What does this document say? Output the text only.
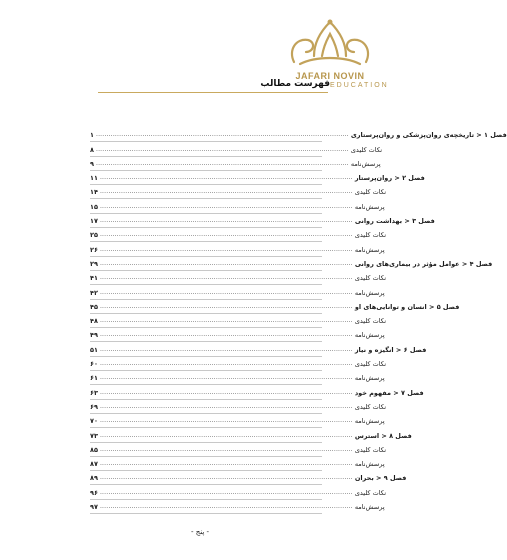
JAFARI NOVIN
EDUCATION
فهرست مطالب
۱ ........................................................................................................................ فصل ۱ < تاریخچه‌ی روان‌پزشکی و روان‌پرستاری
۸ ........................................................................................................................ نکات کلیدی
۹ ........................................................................................................................ پرسش‌نامه
۱۱ ........................................................................................................................ فصل ۲ < روان‌پرستار
۱۴ ........................................................................................................................ نکات کلیدی
۱۵ ........................................................................................................................ پرسش‌نامه
۱۷ ........................................................................................................................ فصل ۳ < بهداشت روانی
۲۵ ........................................................................................................................ نکات کلیدی
۲۶ ........................................................................................................................ پرسش‌نامه
۲۹ ........................................................................................................................ فصل ۴ < عوامل مؤثر در بیماری‌های روانی
۴۱ ........................................................................................................................ نکات کلیدی
۴۲ ........................................................................................................................ پرسش‌نامه
۴۵ ........................................................................................................................ فصل ۵ < انسان و توانایی‌های او
۴۸ ........................................................................................................................ نکات کلیدی
۴۹ ........................................................................................................................ پرسش‌نامه
۵۱ ........................................................................................................................ فصل ۶ < انگیزه و نیاز
۶۰ ........................................................................................................................ نکات کلیدی
۶۱ ........................................................................................................................ پرسش‌نامه
۶۳ ........................................................................................................................ فصل ۷ < مفهوم خود
۶۹ ........................................................................................................................ نکات کلیدی
۷۰ ........................................................................................................................ پرسش‌نامه
۷۳ ........................................................................................................................ فصل ۸ < استرس
۸۵ ........................................................................................................................ نکات کلیدی
۸۷ ........................................................................................................................ پرسش‌نامه
۸۹ ........................................................................................................................ فصل ۹ < بحران
۹۶ ........................................................................................................................ نکات کلیدی
۹۷ ........................................................................................................................ پرسش‌نامه
- پنج -
